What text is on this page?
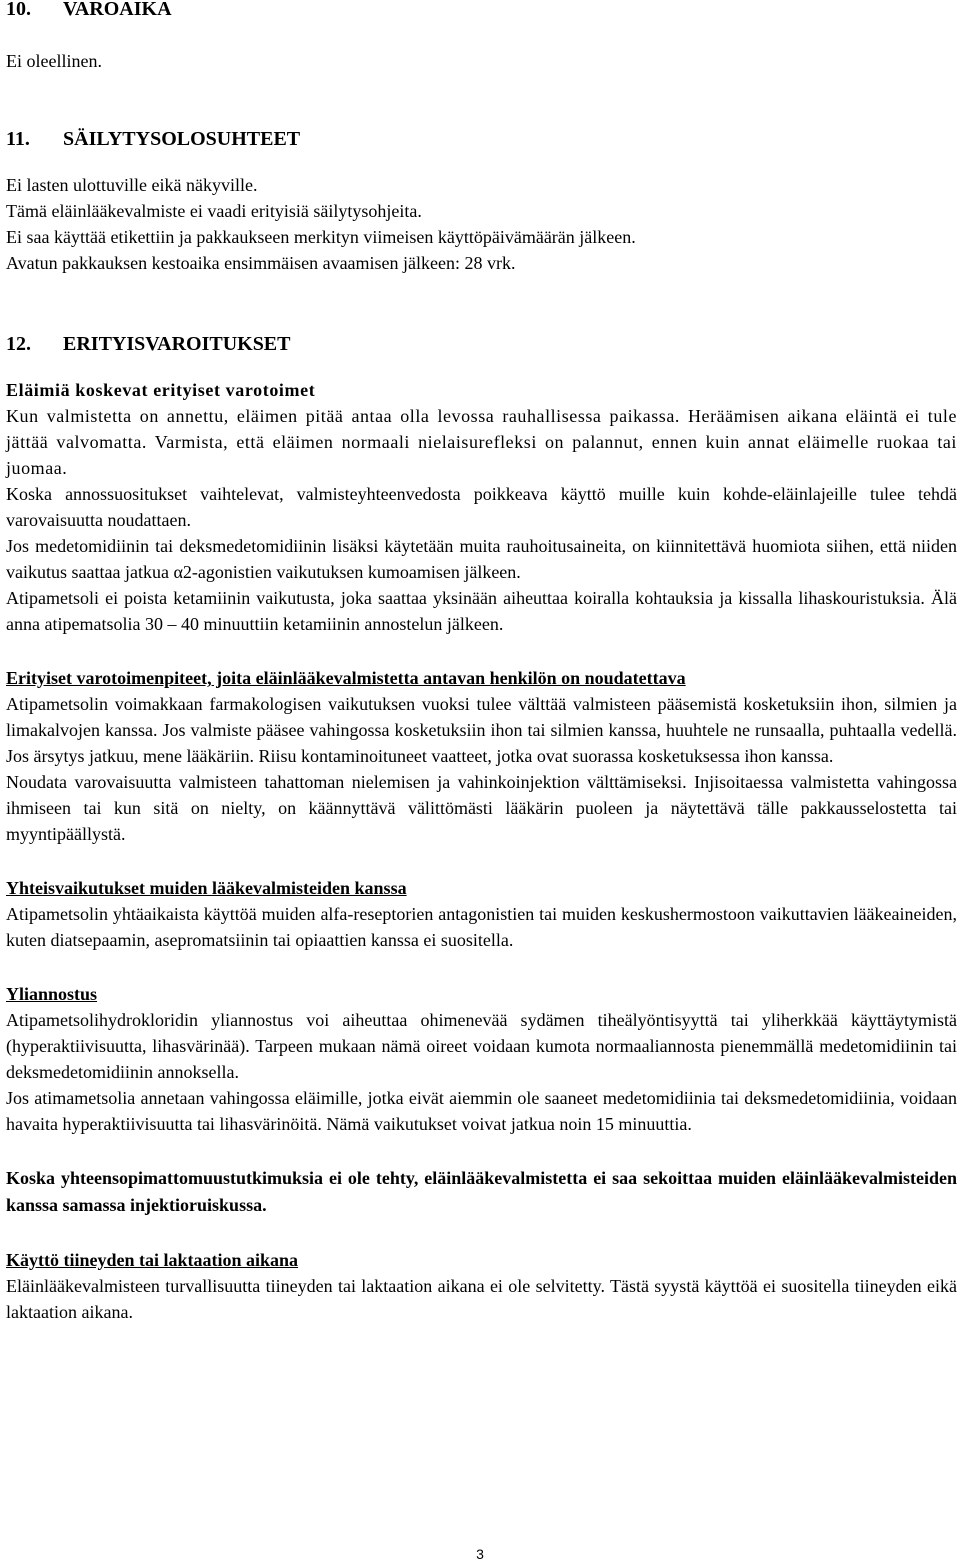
10. VAROAIKA

Ei oleellinen.

11. SÄILYTYSOLOSUHTEET

Ei lasten ulottuville eikä näkyville.

Tämä eläinlääkevalmiste ei vaadi erityisiä säilytysohjeita.

Ei saa käyttää etikettiin ja pakkaukseen merkityn viimeisen käyttöpäivämäärän jälkeen.

Avatun pakkauksen kestoaika ensimmäisen avaamisen jälkeen: 28 vrk.

12. ERITYISVAROITUKSET

Eläimiä koskevat erityiset varotoimet

Kun valmistetta on annettu, eläimen pitää antaa olla levossa rauhallisessa paikassa. Heräämisen aikana eläintä ei tule jättää valvomatta. Varmista, että eläimen normaali nielaisurefleksi on palannut, ennen kuin annat eläimelle ruokaa tai juomaa.

Koska annossuositukset vaihtelevat, valmisteyhteenvedosta poikkeava käyttö muille kuin kohde-eläinlajeille tulee tehdä varovaisuutta noudattaen.

Jos medetomidiinin tai deksmedetomidiinin lisäksi käytetään muita rauhoitusaineita, on kiinnitettävä huomiota siihen, että niiden vaikutus saattaa jatkua α2-agonistien vaikutuksen kumoamisen jälkeen.

Atipametsoli ei poista ketamiinin vaikutusta, joka saattaa yksinään aiheuttaa koiralla kohtauksia ja kissalla lihaskouristuksia. Älä anna atipematsolia 30 – 40 minuuttiin ketamiinin annostelun jälkeen.

Erityiset varotoimenpiteet, joita eläinlääkevalmistetta antavan henkilön on noudatettava

Atipametsolin voimakkaan farmakologisen vaikutuksen vuoksi tulee välttää valmisteen pääsemistä kosketuksiin ihon, silmien ja limakalvojen kanssa. Jos valmiste pääsee vahingossa kosketuksiin ihon tai silmien kanssa, huuhtele ne runsaalla, puhtaalla vedellä. Jos ärsytys jatkuu, mene lääkäriin. Riisu kontaminoituneet vaatteet, jotka ovat suorassa kosketuksessa ihon kanssa.

Noudata varovaisuutta valmisteen tahattoman nielemisen ja vahinkoinjektion välttämiseksi. Injisoitaessa valmistetta vahingossa ihmiseen tai kun sitä on nielty, on käännyttävä välittömästi lääkärin puoleen ja näytettävä tälle pakkausselostetta tai myyntipäällystä.

Yhteisvaikutukset muiden lääkevalmisteiden kanssa

Atipametsolin yhtäaikaista käyttöä muiden alfa-reseptorien antagonistien tai muiden keskushermostoon vaikuttavien lääkeaineiden, kuten diatsepaamin, asepromatsiinin tai opiaattien kanssa ei suositella.

Yliannostus

Atipametsolihydrokloridin yliannostus voi aiheuttaa ohimenevää sydämen tiheälyöntisyyttä tai yliherkkää käyttäytymistä (hyperaktiivisuutta, lihasvärinää). Tarpeen mukaan nämä oireet voidaan kumota normaaliannosta pienemmällä medetomidiinin tai deksmedetomidiinin annoksella.

Jos atimametsolia annetaan vahingossa eläimille, jotka eivät aiemmin ole saaneet medetomidiinia tai deksmedetomidiinia, voidaan havaita hyperaktiivisuutta tai lihasvärinöitä. Nämä vaikutukset voivat jatkua noin 15 minuuttia.

Koska yhteensopimattomuustutkimuksia ei ole tehty, eläinlääkevalmistetta ei saa sekoittaa muiden eläinlääkevalmisteiden kanssa samassa injektioruiskussa.

Käyttö tiineyden tai laktaation aikana

Eläinlääkevalmisteen turvallisuutta tiineyden tai laktaation aikana ei ole selvitetty. Tästä syystä käyttöä ei suositella tiineyden eikä laktaation aikana.

3
